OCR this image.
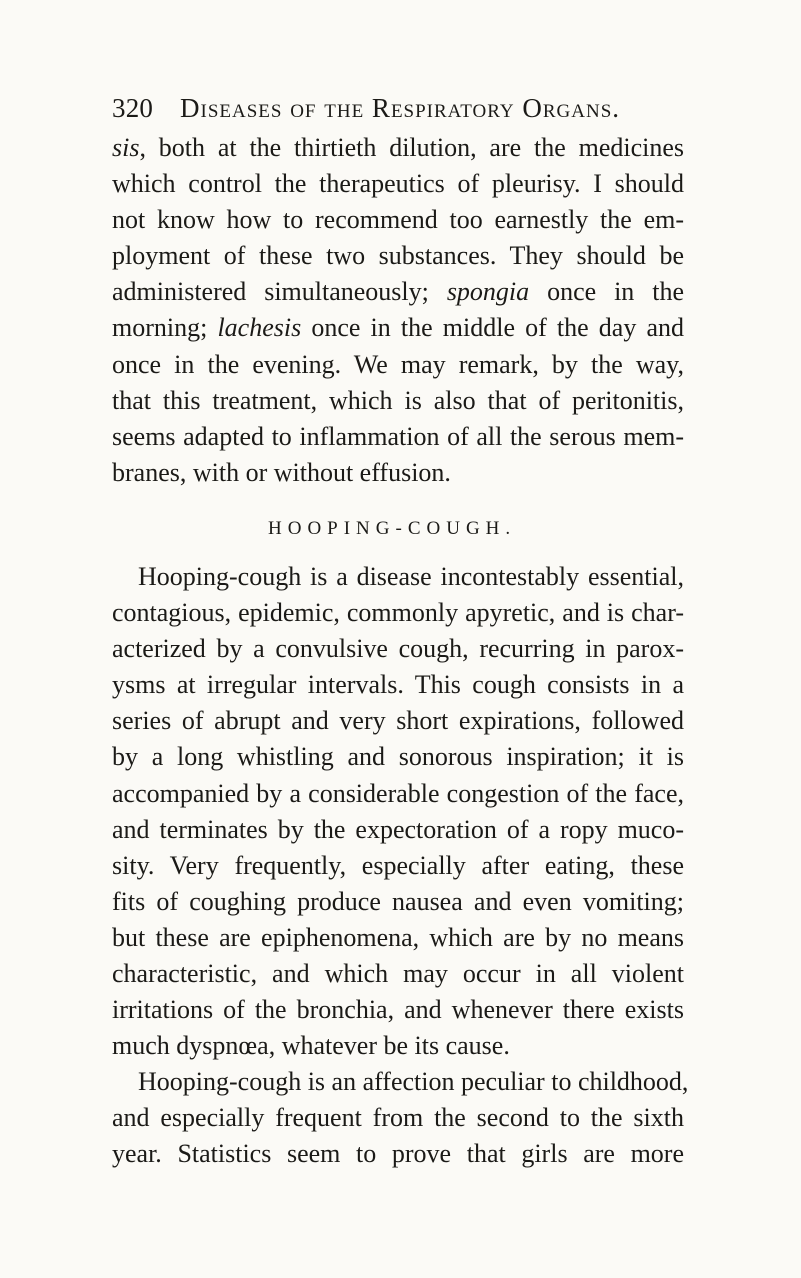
320 Diseases of the Respiratory Organs.
sis, both at the thirtieth dilution, are the medicines
which control the therapeutics of pleurisy. I should
not know how to recommend too earnestly the em-
ployment of these two substances. They should be
administered simultaneously; spongia once in the
morning; lachesis once in the middle of the day and
once in the evening. We may remark, by the way,
that this treatment, which is also that of peritonitis,
seems adapted to inflammation of all the serous mem-
branes, with or without effusion.
HOOPING-COUGH.
Hooping-cough is a disease incontestably essential,
contagious, epidemic, commonly apyretic, and is char-
acterized by a convulsive cough, recurring in parox-
ysms at irregular intervals. This cough consists in a
series of abrupt and very short expirations, followed
by a long whistling and sonorous inspiration; it is
accompanied by a considerable congestion of the face,
and terminates by the expectoration of a ropy muco-
sity. Very frequently, especially after eating, these
fits of coughing produce nausea and even vomiting;
but these are epiphenomena, which are by no means
characteristic, and which may occur in all violent
irritations of the bronchia, and whenever there exists
much dyspnœa, whatever be its cause.
Hooping-cough is an affection peculiar to childhood,
and especially frequent from the second to the sixth
year. Statistics seem to prove that girls are more
